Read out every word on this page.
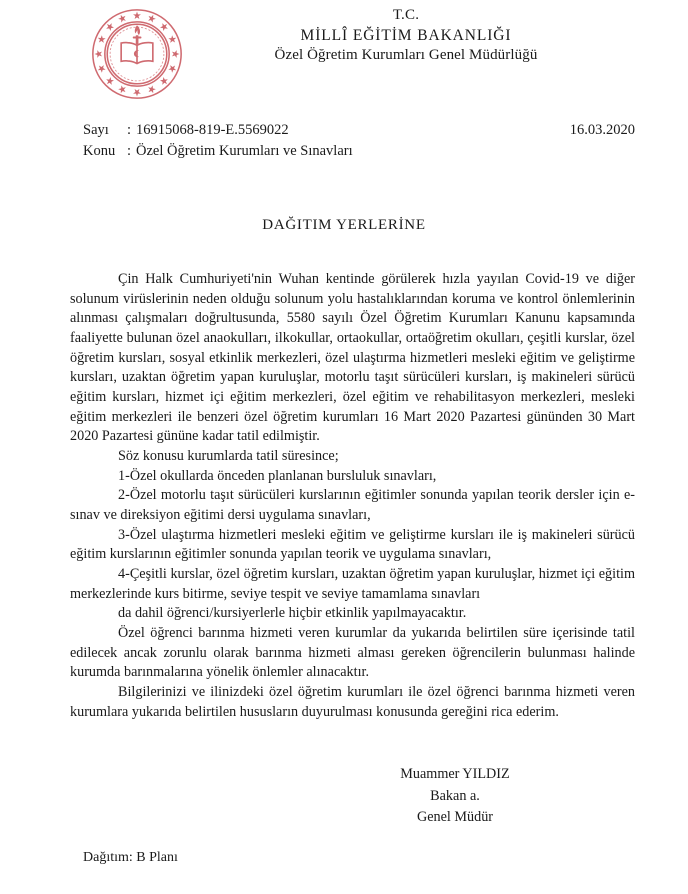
T.C.
MİLLÎ EĞİTİM BAKANLIĞI
Özel Öğretim Kurumları Genel Müdürlüğü
Sayı	: 16915068-819-E.5569022	16.03.2020
Konu : Özel Öğretim Kurumları ve Sınavları
DAĞITIM YERLERİNE

Çin Halk Cumhuriyeti'nin Wuhan kentinde görülerek hızla yayılan Covid-19 ve diğer solunum virüslerinin neden olduğu solunum yolu hastalıklarından koruma ve kontrol önlemlerinin alınması çalışmaları doğrultusunda, 5580 sayılı Özel Öğretim Kurumları Kanunu kapsamında faaliyette bulunan özel anaokulları, ilkokullar, ortaokullar, ortaöğretim okulları, çeşitli kurslar, özel öğretim kursları, sosyal etkinlik merkezleri, özel ulaştırma hizmetleri mesleki eğitim ve geliştirme kursları, uzaktan öğretim yapan kuruluşlar, motorlu taşıt sürücüleri kursları, iş makineleri sürücü eğitim kursları, hizmet içi eğitim merkezleri, özel eğitim ve rehabilitasyon merkezleri, mesleki eğitim merkezleri ile benzeri özel öğretim kurumları 16 Mart 2020 Pazartesi gününden 30 Mart 2020 Pazartesi gününe kadar tatil edilmiştir.

Söz konusu kurumlarda tatil süresince;

1-Özel okullarda önceden planlanan bursluluk sınavları,

2-Özel motorlu taşıt sürücüleri kurslarının eğitimler sonunda yapılan teorik dersler için e-sınav ve direksiyon eğitimi dersi uygulama sınavları,

3-Özel ulaştırma hizmetleri mesleki eğitim ve geliştirme kursları ile iş makineleri sürücü eğitim kurslarının eğitimler sonunda yapılan teorik ve uygulama sınavları,

4-Çeşitli kurslar, özel öğretim kursları, uzaktan öğretim yapan kuruluşlar, hizmet içi eğitim merkezlerinde kurs bitirme, seviye tespit ve seviye tamamlama sınavları

da dahil öğrenci/kursiyerlerle hiçbir etkinlik yapılmayacaktır.

Özel öğrenci barınma hizmeti veren kurumlar da yukarıda belirtilen süre içerisinde tatil edilecek ancak zorunlu olarak barınma hizmeti alması gereken öğrencilerin bulunması halinde kurumda barınmalarına yönelik önlemler alınacaktır.

Bilgilerinizi ve ilinizdeki özel öğretim kurumları ile özel öğrenci barınma hizmeti veren kurumlara yukarıda belirtilen hususların duyurulması konusunda gereğini rica ederim.

Muammer YILDIZ
Bakan a.
Genel Müdür
Dağıtım: B Planı
